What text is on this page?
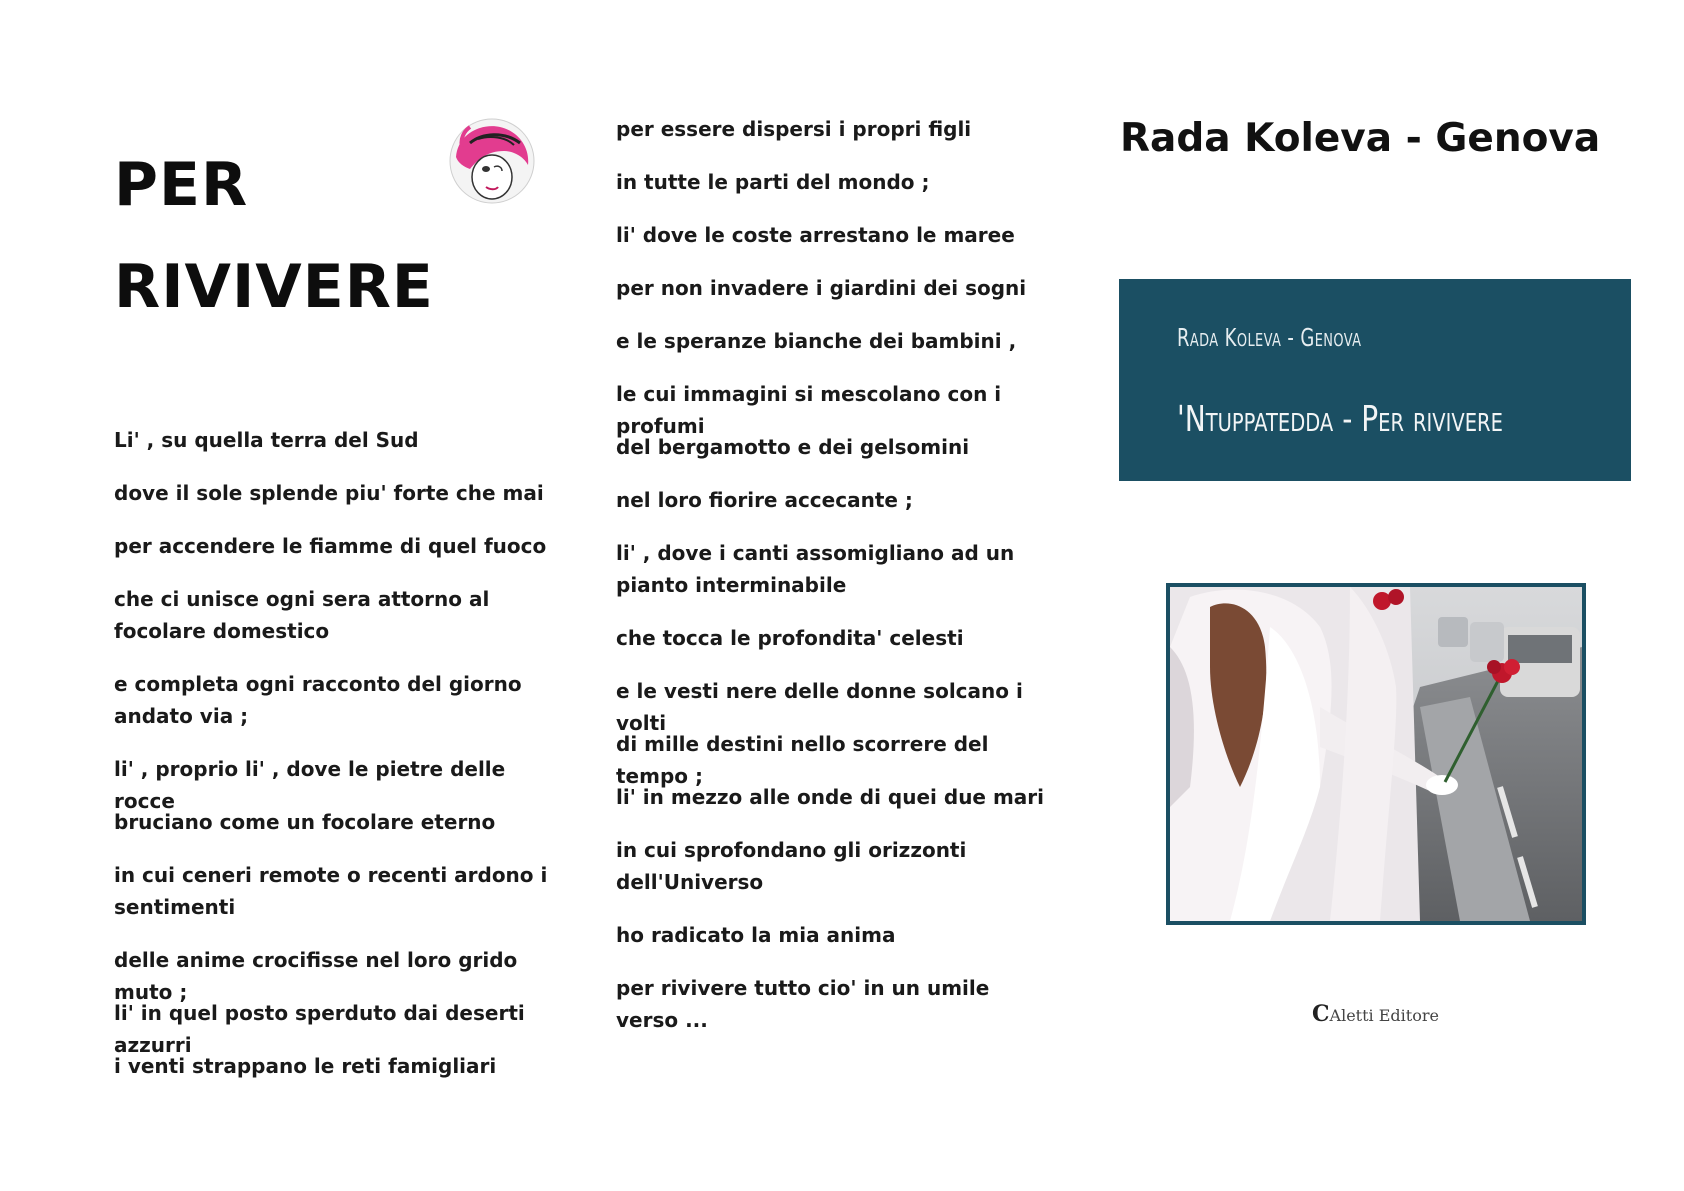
PER
RIVIVERE

Li' , su quella terra del Sud

dove il sole splende piu' forte che mai

per accendere le fiamme di quel fuoco

che ci unisce ogni sera attorno al focolare domestico

e completa ogni racconto del giorno andato via ;

li' , proprio li' , dove le pietre delle rocce

bruciano come un focolare eterno

in cui ceneri remote o recenti ardono i sentimenti

delle anime crocifisse nel loro grido muto ;

li' in quel posto sperduto dai deserti azzurri

i venti strappano le reti famigliari

per essere dispersi i propri figli

in tutte le parti del mondo ;

li' dove le coste arrestano le maree

per non invadere i giardini dei sogni

e le speranze bianche dei bambini ,

le cui immagini si mescolano con i profumi

del bergamotto e dei gelsomini

nel loro fiorire accecante ;

li' , dove i canti assomigliano ad un pianto interminabile

che tocca le profondita' celesti

e le vesti nere delle donne solcano i volti

di mille destini nello scorrere del tempo ;

li' in mezzo alle onde di quei due mari

in cui sprofondano gli orizzonti dell'Universo

ho radicato la mia anima

per rivivere tutto cio' in un umile verso ...

Rada Koleva - Genova
Rada Koleva - Genova
'Ntuppatedda - Per rivivere
CAletti Editore
